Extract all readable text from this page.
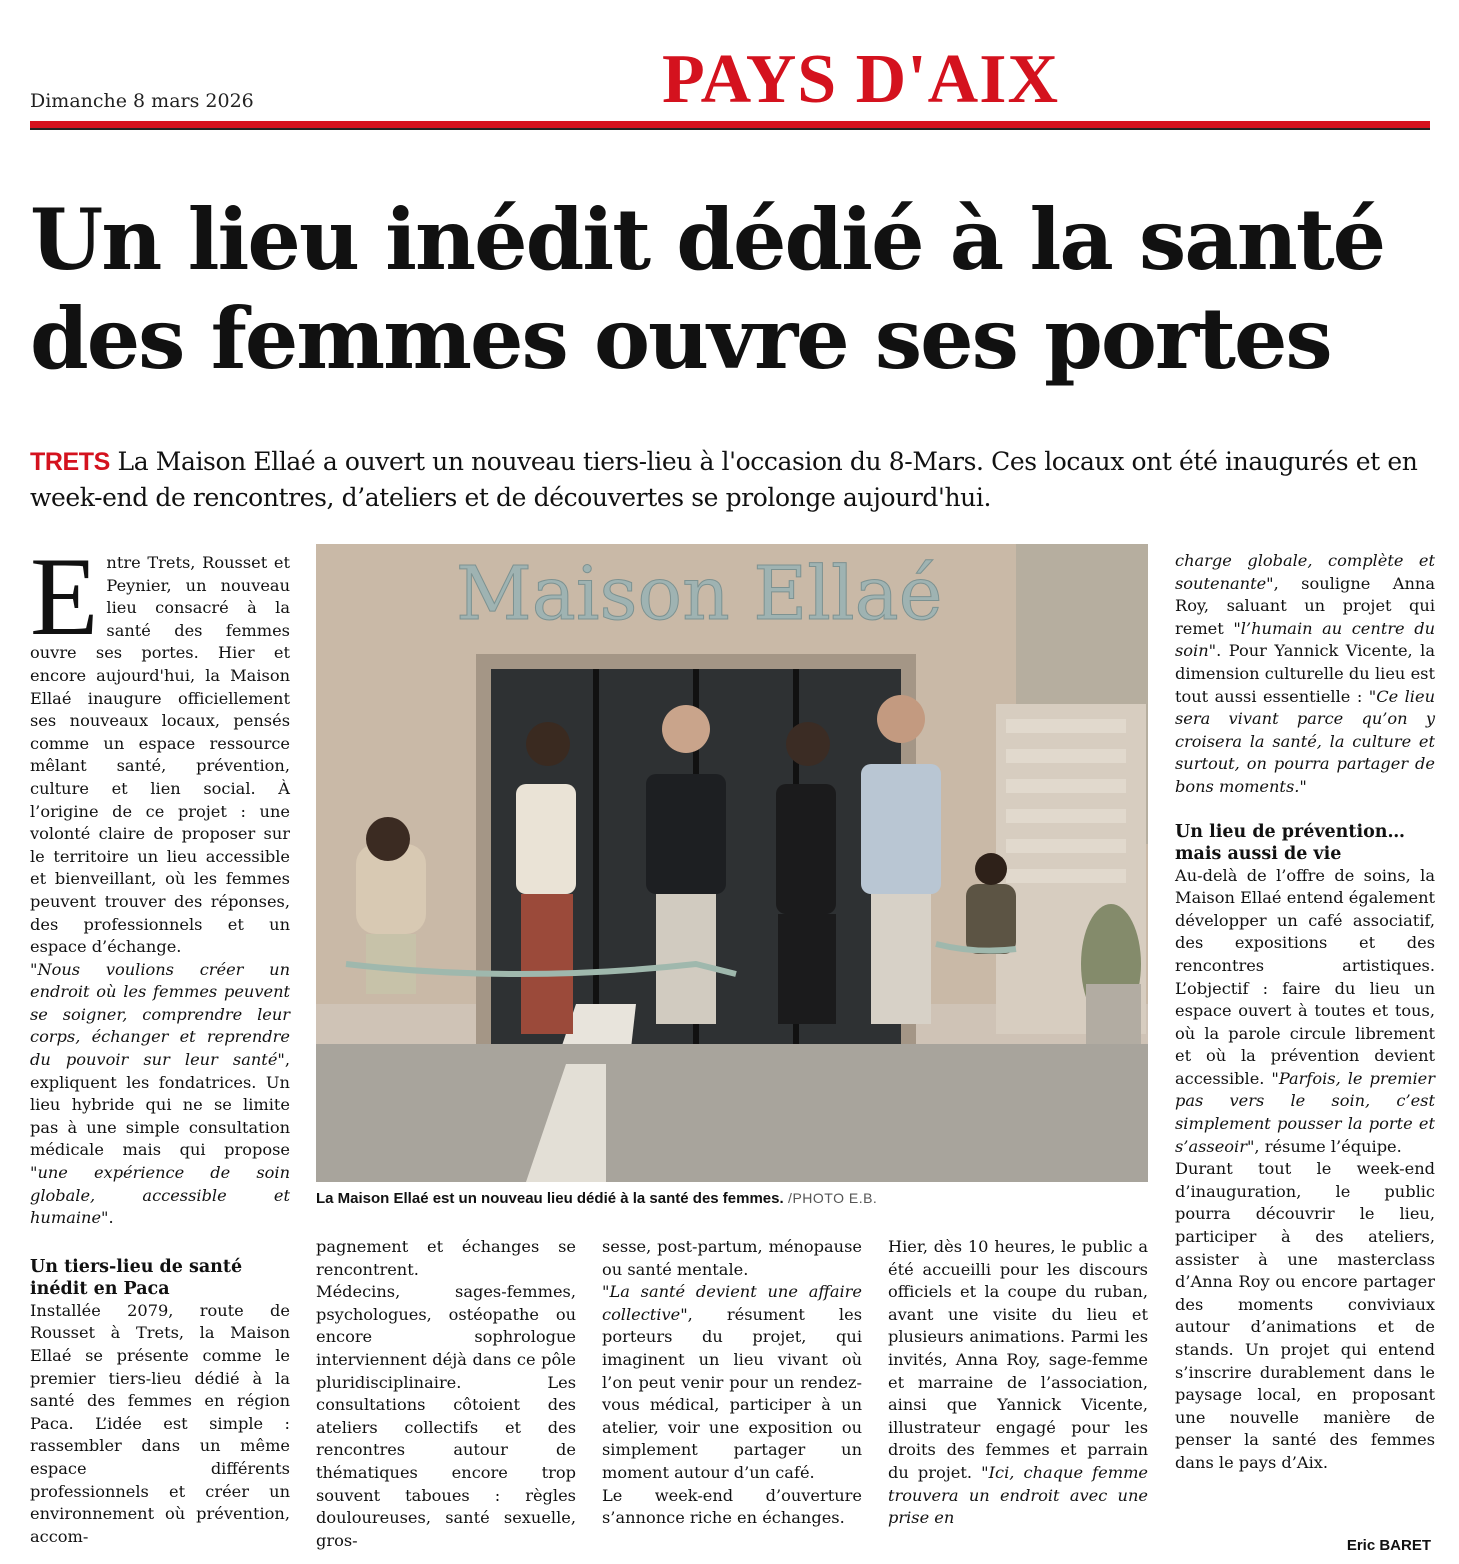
Dimanche 8 mars 2026	PAYS D'AIX
Un lieu inédit dédié à la santé des femmes ouvre ses portes
TRETS La Maison Ellaé a ouvert un nouveau tiers-lieu à l'occasion du 8-Mars. Ces locaux ont été inaugurés et en week-end de rencontres, d’ateliers et de découvertes se prolonge aujourd'hui.
E ntre Trets, Rousset et Peynier, un nouveau lieu consacré à la santé des femmes ouvre ses portes. Hier et encore aujourd'hui, la Maison Ellaé inaugure officiellement ses nouveaux locaux, pensés comme un espace ressource mêlant santé, prévention, culture et lien social. À l’origine de ce projet : une volonté claire de proposer sur le territoire un lieu accessible et bienveillant, où les femmes peuvent trouver des réponses, des professionnels et un espace d’échange.

"Nous voulions créer un endroit où les femmes peuvent se soigner, comprendre leur corps, échanger et reprendre du pouvoir sur leur santé", expliquent les fondatrices. Un lieu hybride qui ne se limite pas à une simple consultation médicale mais qui propose "une expérience de soin globale, accessible et humaine".

Un tiers-lieu de santé inédit en Paca

Installée 2079, route de Rousset à Trets, la Maison Ellaé se présente comme le premier tiers-lieu dédié à la santé des femmes en région Paca. L’idée est simple : rassembler dans un même espace différents professionnels et créer un environnement où prévention, accom-

Maison Ellaé
La Maison Ellaé est un nouveau lieu dédié à la santé des femmes. /PHOTO E.B.

pagnement et échanges se rencontrent.

Médecins, sages-femmes, psychologues, ostéopathe ou encore sophrologue interviennent déjà dans ce pôle pluridisciplinaire. Les consultations côtoient des ateliers collectifs et des rencontres autour de thématiques encore trop souvent taboues : règles douloureuses, santé sexuelle, gros-

sesse, post-partum, ménopause ou santé mentale.

"La santé devient une affaire collective", résument les porteurs du projet, qui imaginent un lieu vivant où l’on peut venir pour un rendez-vous médical, participer à un atelier, voir une exposition ou simplement partager un moment autour d’un café.

Le week-end d’ouverture s’annonce riche en échanges.

Hier, dès 10 heures, le public a été accueilli pour les discours officiels et la coupe du ruban, avant une visite du lieu et plusieurs animations. Parmi les invités, Anna Roy, sage-femme et marraine de l’association, ainsi que Yannick Vicente, illustrateur engagé pour les droits des femmes et parrain du projet. "Ici, chaque femme trouvera un endroit avec une prise en

charge globale, complète et soutenante", souligne Anna Roy, saluant un projet qui remet "l’humain au centre du soin". Pour Yannick Vicente, la dimension culturelle du lieu est tout aussi essentielle : "Ce lieu sera vivant parce qu’on y croisera la santé, la culture et surtout, on pourra partager de bons moments."

Un lieu de prévention… mais aussi de vie

Au-delà de l’offre de soins, la Maison Ellaé entend également développer un café associatif, des expositions et des rencontres artistiques. L’objectif : faire du lieu un espace ouvert à toutes et tous, où la parole circule librement et où la prévention devient accessible. "Parfois, le premier pas vers le soin, c’est simplement pousser la porte et s’asseoir", résume l’équipe.

Durant tout le week-end d’inauguration, le public pourra découvrir le lieu, participer à des ateliers, assister à une masterclass d’Anna Roy ou encore partager des moments conviviaux autour d’animations et de stands. Un projet qui entend s’inscrire durablement dans le paysage local, en proposant une nouvelle manière de penser la santé des femmes dans le pays d’Aix.

Eric BARET
